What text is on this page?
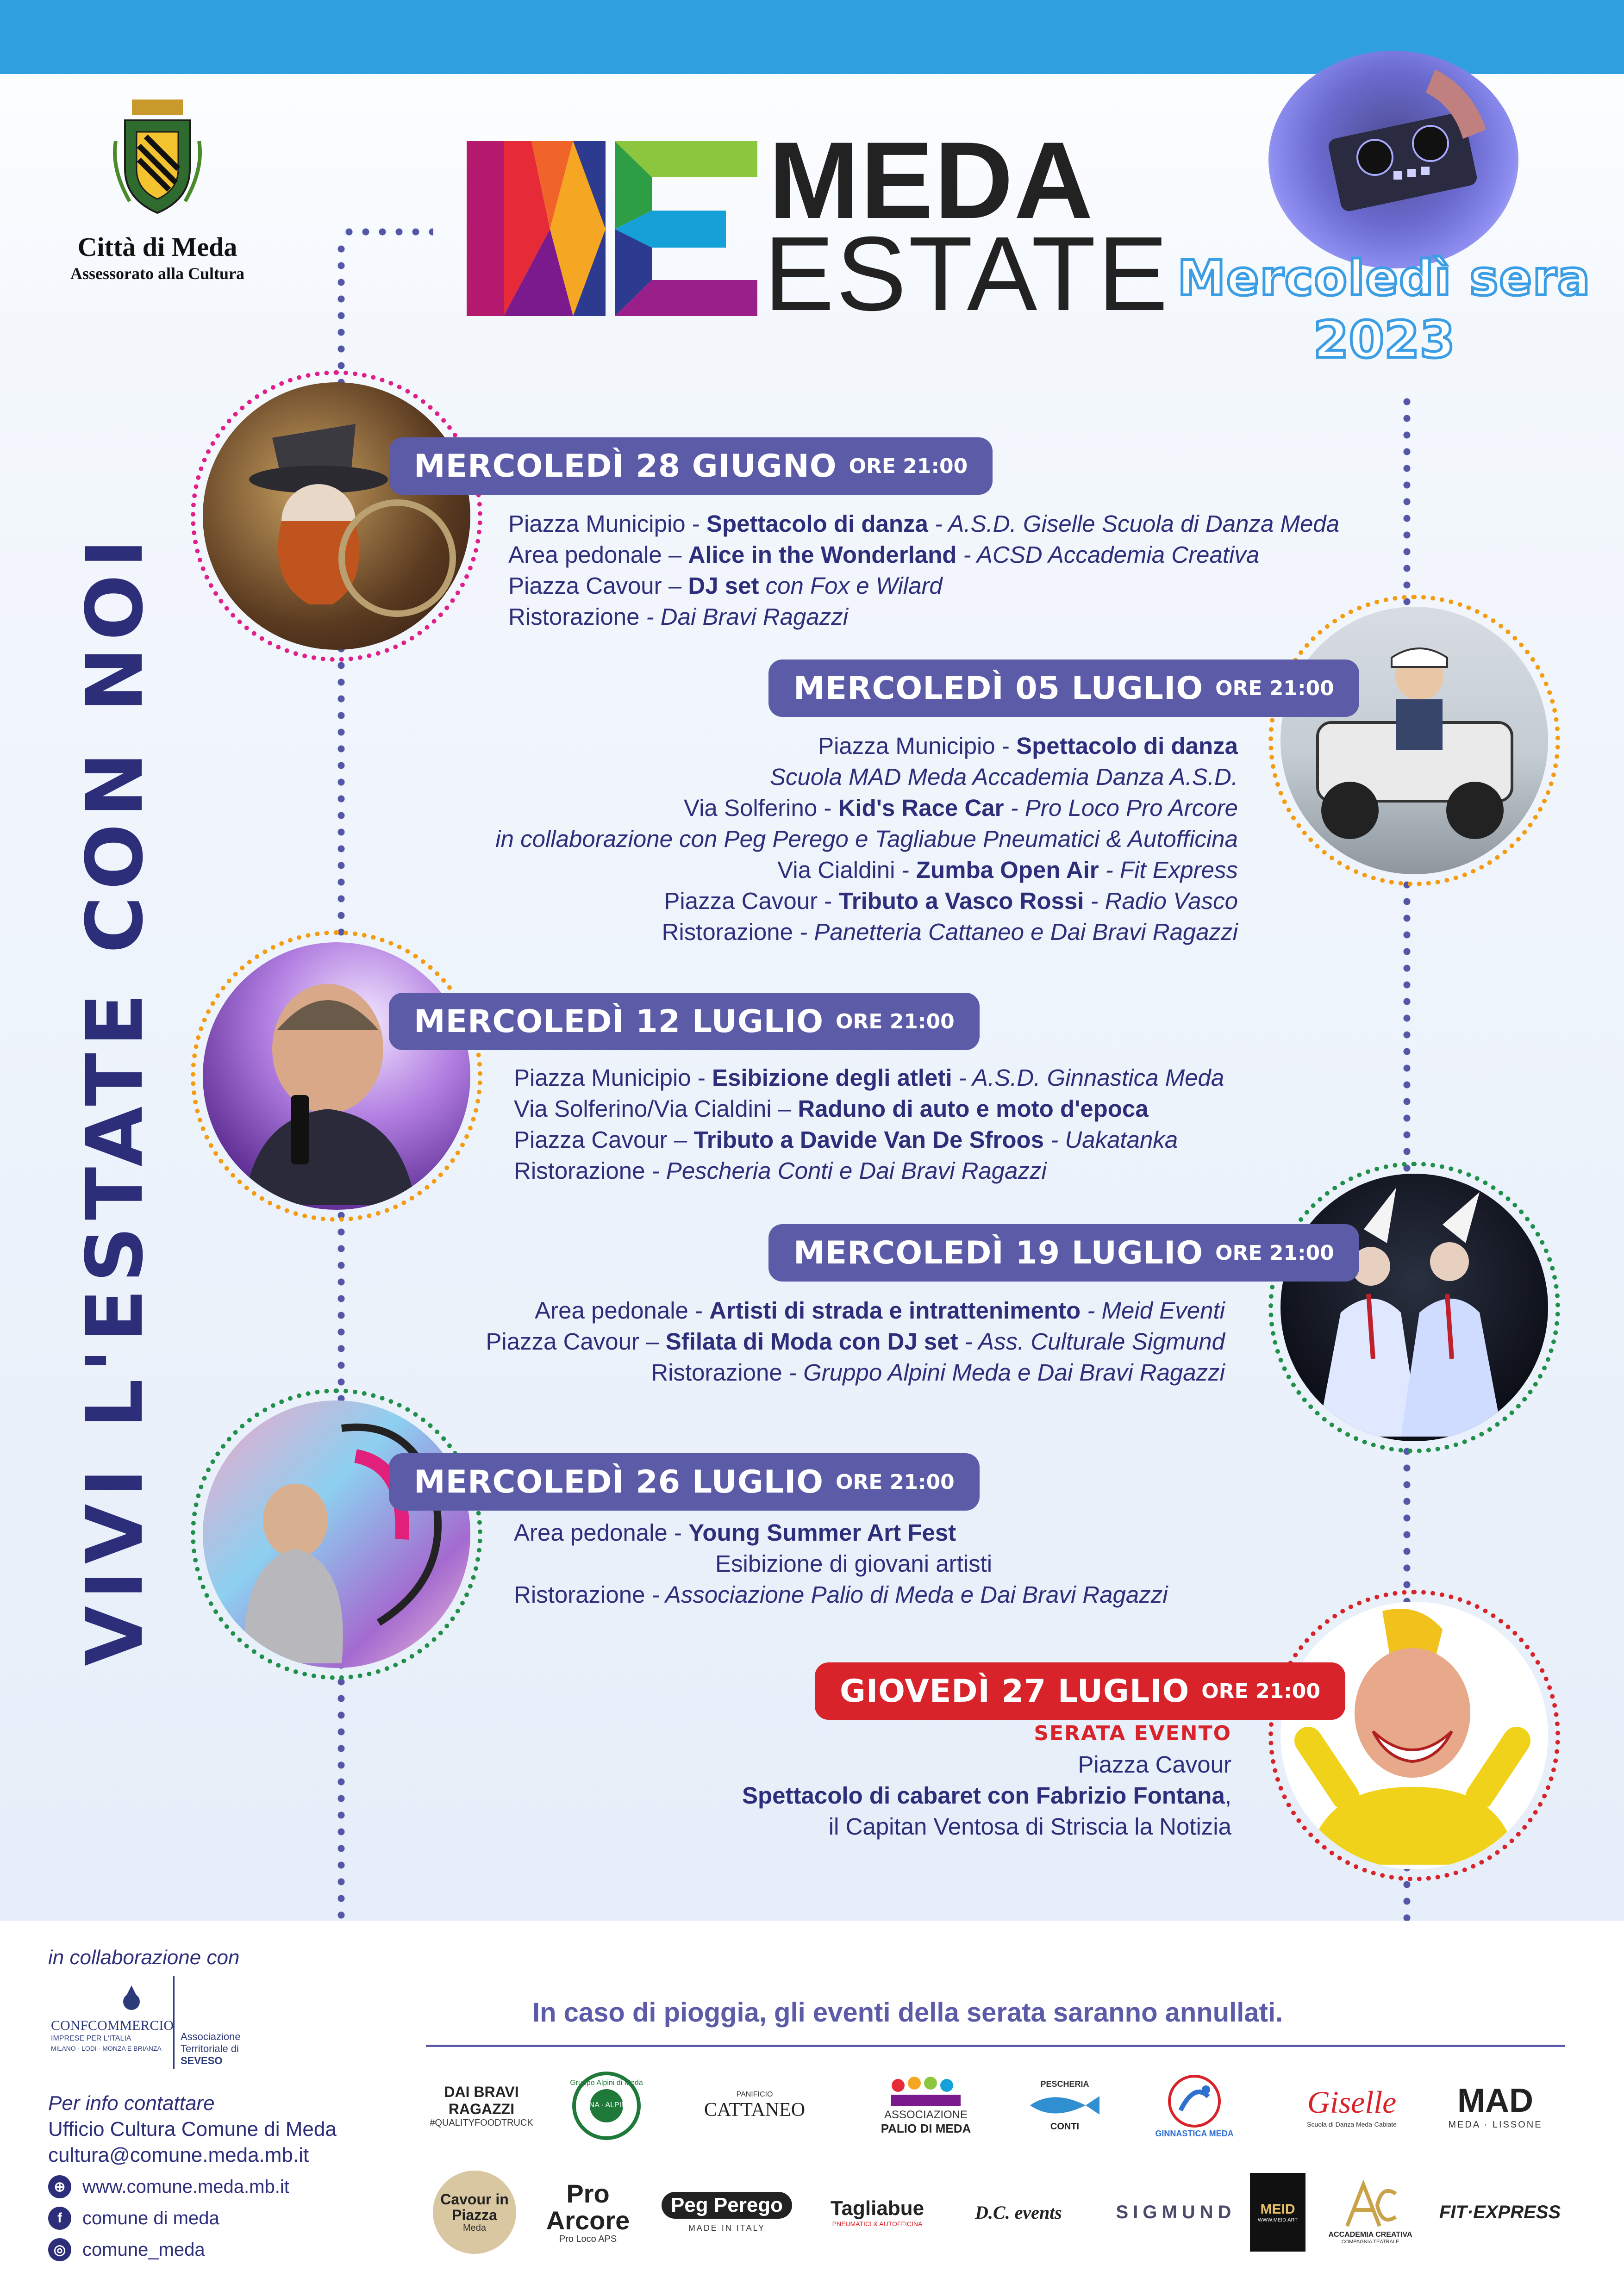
Città di Meda
Assessorato alla Cultura
MEDA
ESTATE Mercoledì sera
2023
VIVI L'ESTATE CON NOI
MERCOLEDÌ 28 GIUGNO ORE 21:00
Piazza Municipio - Spettacolo di danza - A.S.D. Giselle Scuola di Danza Meda
Area pedonale – Alice in the Wonderland - ACSD Accademia Creativa
Piazza Cavour – DJ set con Fox e Wilard
Ristorazione - Dai Bravi Ragazzi
MERCOLEDÌ 05 LUGLIO ORE 21:00
Piazza Municipio - Spettacolo di danza
Scuola MAD Meda Accademia Danza A.S.D.
Via Solferino - Kid's Race Car - Pro Loco Pro Arcore
in collaborazione con Peg Perego e Tagliabue Pneumatici & Autofficina
Via Cialdini - Zumba Open Air - Fit Express
Piazza Cavour - Tributo a Vasco Rossi - Radio Vasco
Ristorazione - Panetteria Cattaneo e Dai Bravi Ragazzi
MERCOLEDÌ 12 LUGLIO ORE 21:00
Piazza Municipio - Esibizione degli atleti - A.S.D. Ginnastica Meda
Via Solferino/Via Cialdini – Raduno di auto e moto d'epoca
Piazza Cavour – Tributo a Davide Van De Sfroos - Uakatanka
Ristorazione - Pescheria Conti e Dai Bravi Ragazzi
MERCOLEDÌ 19 LUGLIO ORE 21:00
Area pedonale - Artisti di strada e intrattenimento - Meid Eventi
Piazza Cavour – Sfilata di Moda con DJ set - Ass. Culturale Sigmund
Ristorazione - Gruppo Alpini Meda e Dai Bravi Ragazzi
MERCOLEDÌ 26 LUGLIO ORE 21:00
Area pedonale - Young Summer Art Fest
Esibizione di giovani artisti
Ristorazione - Associazione Palio di Meda e Dai Bravi Ragazzi
GIOVEDÌ 27 LUGLIO ORE 21:00
SERATA EVENTO
Piazza Cavour
Spettacolo di cabaret con Fabrizio Fontana,
il Capitan Ventosa di Striscia la Notizia
in collaborazione con
CONFCOMMERCIO
IMPRESE PER L'ITALIA
MILANO · LODI · MONZA E BRIANZA
Associazione Territoriale di
SEVESO
In caso di pioggia, gli eventi della serata saranno annullati.
Per info contattare
Ufficio Cultura Comune di Meda
cultura@comune.meda.mb.it
⊕ www.comune.meda.mb.it
f	comune di meda
◎ comune_meda
DAI BRAVI RAGAZZI
#QUALITYFOODTRUCK
Gruppo Alpini di Meda
ANA · ALPINI
PANIFICIO
CATTANEO	ASSOCIAZIONE
PALIO DI MEDA
PESCHERIA
CONTI
GINNASTICA MEDA
Giselle
Scuola di Danza Meda-Cabiate
MAD
MEDA · LISSONE
Cavour in Piazza
Meda
Pro Arcore
Pro Loco APS
Peg Perego
MADE IN ITALY
Tagliabue
PNEUMATICI & AUTOFFICINA
D.C. events	SIGMUND MEID
WWW.MEID.ART
ACCADEMIA CREATIVA
COMPAGNIA TEATRALE
FIT·EXPRESS
